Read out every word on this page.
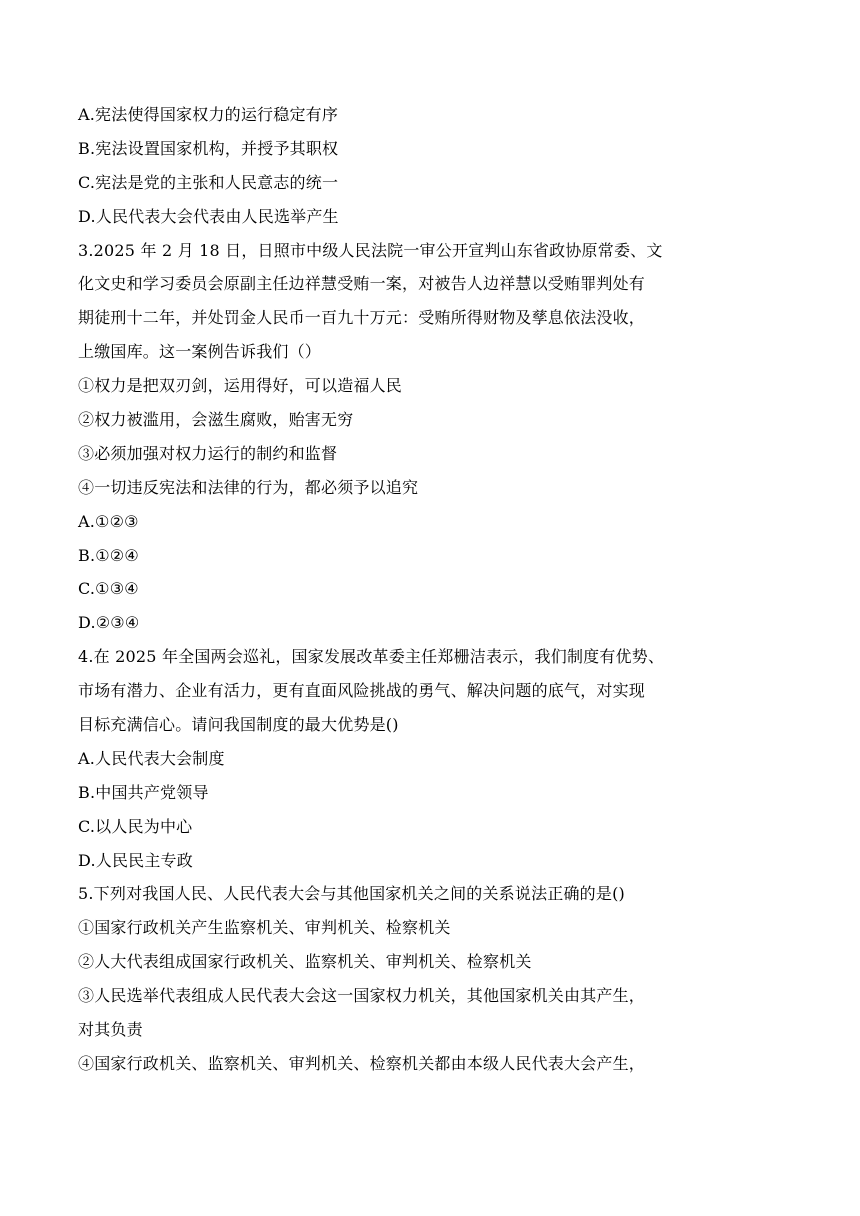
A.宪法使得国家权力的运行稳定有序
B.宪法设置国家机构，并授予其职权
C.宪法是党的主张和人民意志的统一
D.人民代表大会代表由人民选举产生
3.2025 年 2 月 18 日，日照市中级人民法院一审公开宣判山东省政协原常委、文
化文史和学习委员会原副主任边祥慧受贿一案，对被告人边祥慧以受贿罪判处有
期徒刑十二年，并处罚金人民币一百九十万元：受贿所得财物及孳息依法没收，
上缴国库。这一案例告诉我们（）
①权力是把双刃剑，运用得好，可以造福人民
②权力被滥用，会滋生腐败，贻害无穷
③必须加强对权力运行的制约和监督
④一切违反宪法和法律的行为，都必须予以追究
A.①②③
B.①②④
C.①③④
D.②③④
4.在 2025 年全国两会巡礼，国家发展改革委主任郑栅洁表示，我们制度有优势、
市场有潜力、企业有活力，更有直面风险挑战的勇气、解决问题的底气，对实现
目标充满信心。请问我国制度的最大优势是()
A.人民代表大会制度
B.中国共产党领导
C.以人民为中心
D.人民民主专政
5.下列对我国人民、人民代表大会与其他国家机关之间的关系说法正确的是()
①国家行政机关产生监察机关、审判机关、检察机关
②人大代表组成国家行政机关、监察机关、审判机关、检察机关
③人民选举代表组成人民代表大会这一国家权力机关，其他国家机关由其产生，
对其负责
④国家行政机关、监察机关、审判机关、检察机关都由本级人民代表大会产生，
